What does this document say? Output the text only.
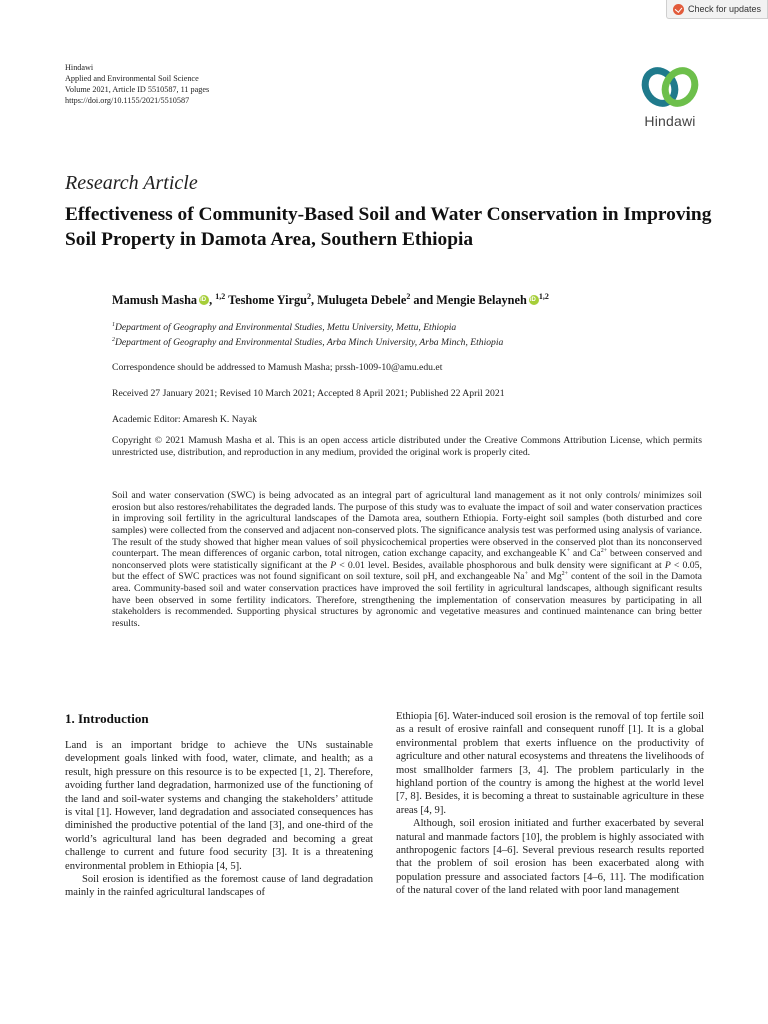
Check for updates
Hindawi
Applied and Environmental Soil Science
Volume 2021, Article ID 5510587, 11 pages
https://doi.org/10.1155/2021/5510587
Hindawi
Research Article
Effectiveness of Community-Based Soil and Water Conservation in Improving Soil Property in Damota Area, Southern Ethiopia
Mamush Masha iD , $^{1,2}$ Teshome Yirgu$^2$, Mulugeta Debele$^2$ and Mengie Belayneh iD $^{1,2}$
$^1$Department of Geography and Environmental Studies, Mettu University, Mettu, Ethiopia
$^2$Department of Geography and Environmental Studies, Arba Minch University, Arba Minch, Ethiopia
Correspondence should be addressed to Mamush Masha; prssh-1009-10@amu.edu.et
Received 27 January 2021; Revised 10 March 2021; Accepted 8 April 2021; Published 22 April 2021
Academic Editor: Amaresh K. Nayak
Copyright © 2021 Mamush Masha et al. This is an open access article distributed under the Creative Commons Attribution License, which permits unrestricted use, distribution, and reproduction in any medium, provided the original work is properly cited.
Soil and water conservation (SWC) is being advocated as an integral part of agricultural land management as it not only controls/ minimizes soil erosion but also restores/rehabilitates the degraded lands. The purpose of this study was to evaluate the impact of soil and water conservation practices in improving soil fertility in the agricultural landscapes of the Damota area, southern Ethiopia. Forty-eight soil samples (both disturbed and core samples) were collected from the conserved and adjacent non-conserved plots. The significance analysis test was performed using analysis of variance. The result of the study showed that higher mean values of soil physicochemical properties were observed in the conserved plot than its nonconserved counterpart. The mean differences of organic carbon, total nitrogen, cation exchange capacity, and exchangeable K+ and $Ca^{2+}$ between conserved and nonconserved plots were statistically significant at the P < 0.01 level. Besides, available phosphorous and bulk density were significant at P < 0.05, but the effect of SWC practices was not found significant on soil texture, soil pH, and exchangeable Na+ and $Mg^{2+}$ content of the soil in the Damota area. Community-based soil and water conservation practices have improved the soil fertility in agricultural landscapes, although significant results have been observed in some fertility indicators. Therefore, strengthening the implementation of conservation measures by participating in all stakeholders is recommended. Supporting physical structures by agronomic and vegetative measures and continued maintenance can bring better results.
1. Introduction

Land is an important bridge to achieve the UNs sustainable development goals linked with food, water, climate, and health; as a result, high pressure on this resource is to be expected [1, 2]. Therefore, avoiding further land degradation, harmonized use of the functioning of the land and soil-water systems and changing the stakeholders’ attitude is vital [1]. However, land degradation and associated consequences has diminished the productive potential of the land [3], and one-third of the world’s agricultural land has been degraded and becoming a great challenge to current and future food security [3]. It is a threatening environmental problem in Ethiopia [4, 5].

Soil erosion is identified as the foremost cause of land degradation mainly in the rainfed agricultural landscapes of

Ethiopia [6]. Water-induced soil erosion is the removal of top fertile soil as a result of erosive rainfall and consequent runoff [1]. It is a global environmental problem that exerts influence on the productivity of agriculture and other natural ecosystems and threatens the livelihoods of most smallholder farmers [3, 4]. The problem particularly in the highland portion of the country is among the highest at the world level [7, 8]. Besides, it is becoming a threat to sustainable agriculture in these areas [4, 9].

Although, soil erosion initiated and further exacerbated by several natural and manmade factors [10], the problem is highly associated with anthropogenic factors [4–6]. Several previous research results reported that the problem of soil erosion has been exacerbated along with population pressure and associated factors [4–6, 11]. The modification of the natural cover of the land related with poor land management
